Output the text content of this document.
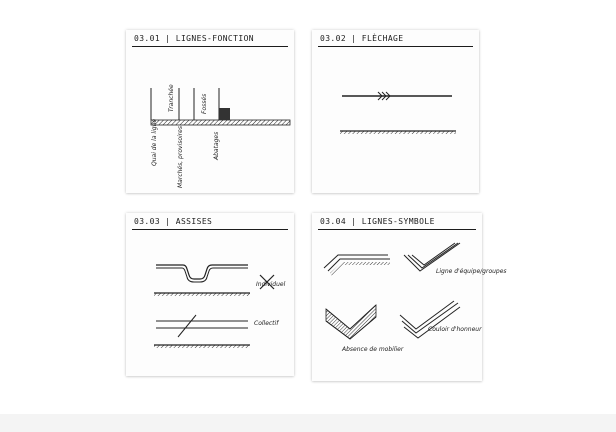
03.01 | LIGNES-FONCTION
Quai de la ligne	Marchés, provisoires
Tranchée	Fossés
Abatages
03.02 | FLÈCHAGE
03.03 | ASSISES
Individuel
Collectif
03.04 | LIGNES-SYMBOLE
Ligne d'équipe/groupes
Absence de mobilier
Couloir d'honneur
